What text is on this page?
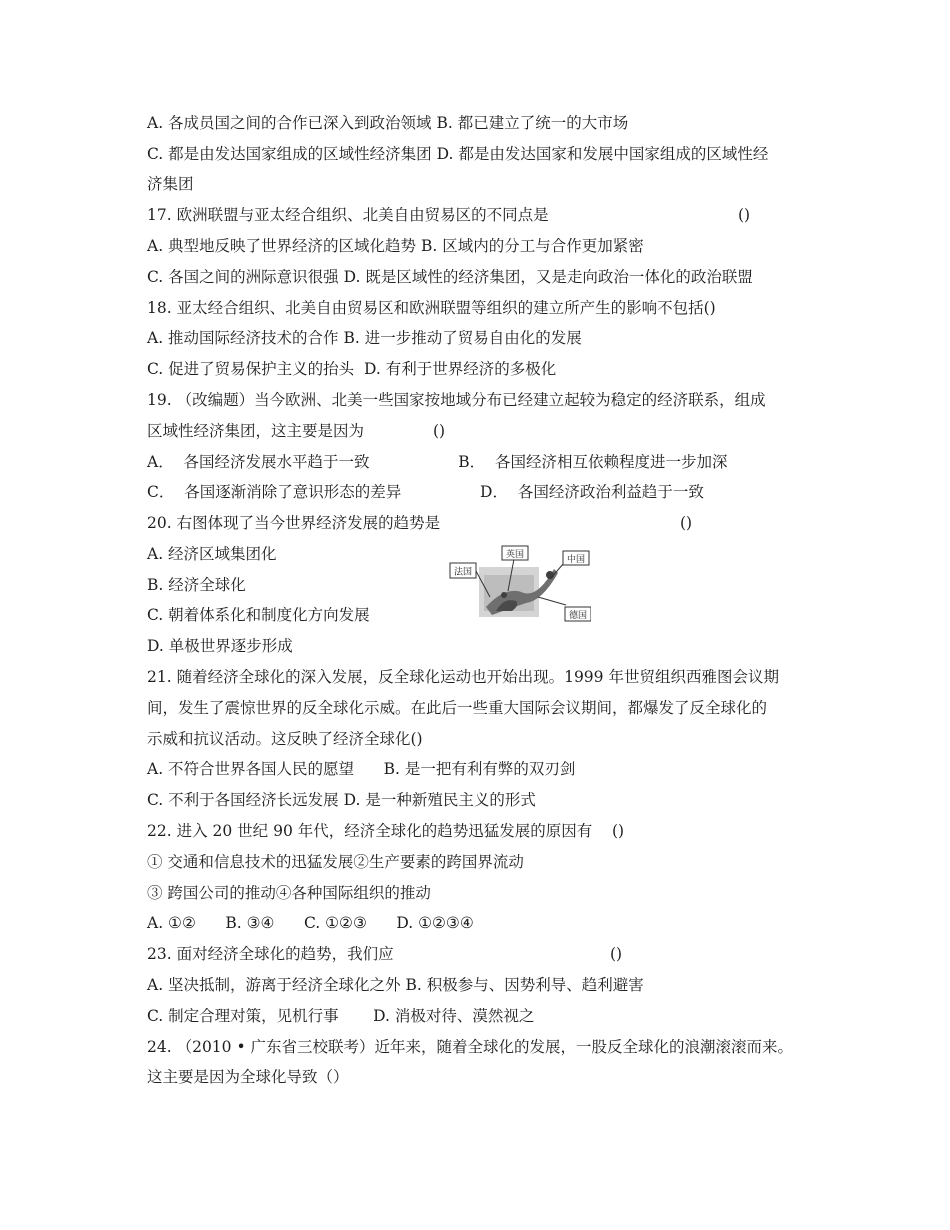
A. 各成员国之间的合作已深入到政治领域 B. 都已建立了统一的大市场
C. 都是由发达国家组成的区域性经济集团 D. 都是由发达国家和发展中国家组成的区域性经
济集团
17. 欧洲联盟与亚太经合组织、北美自由贸易区的不同点是	()
A. 典型地反映了世界经济的区域化趋势 B. 区域内的分工与合作更加紧密
C. 各国之间的洲际意识很强 D. 既是区域性的经济集团，又是走向政治一体化的政治联盟
18. 亚太经合组织、北美自由贸易区和欧洲联盟等组织的建立所产生的影响不包括()
A. 推动国际经济技术的合作 B. 进一步推动了贸易自由化的发展
C. 促进了贸易保护主义的抬头  D. 有利于世界经济的多极化
19. （改编题）当今欧洲、北美一些国家按地域分布已经建立起较为稳定的经济联系，组成
区域性经济集团，这主要是因为              ()
A．  各国经济发展水平趋于一致                  B．  各国经济相互依赖程度进一步加深
C．  各国逐渐消除了意识形态的差异                D．  各国经济政治利益趋于一致
20. 右图体现了当今世界经济发展的趋势是	()
A. 经济区域集团化
B. 经济全球化
C. 朝着体系化和制度化方向发展
D. 单极世界逐步形成
21. 随着经济全球化的深入发展，反全球化运动也开始出现。1999 年世贸组织西雅图会议期
间，发生了震惊世界的反全球化示威。在此后一些重大国际会议期间，都爆发了反全球化的
示威和抗议活动。这反映了经济全球化()
A. 不符合世界各国人民的愿望      B. 是一把有利有弊的双刃剑
C. 不利于各国经济长远发展 D. 是一种新殖民主义的形式
22. 进入 20 世纪 90 年代，经济全球化的趋势迅猛发展的原因有    ()
① 交通和信息技术的迅猛发展②生产要素的跨国界流动
③ 跨国公司的推动④各种国际组织的推动
A. ①②      B. ③④      C. ①②③      D. ①②③④
23. 面对经济全球化的趋势，我们应	()
A. 坚决抵制，游离于经济全球化之外 B. 积极参与、因势利导、趋利避害
C. 制定合理对策，见机行事       D. 消极对待、漠然视之
24. （2010 • 广东省三校联考）近年来，随着全球化的发展，一股反全球化的浪潮滚滚而来。
这主要是因为全球化导致（）
法国
英国	中国
德国
